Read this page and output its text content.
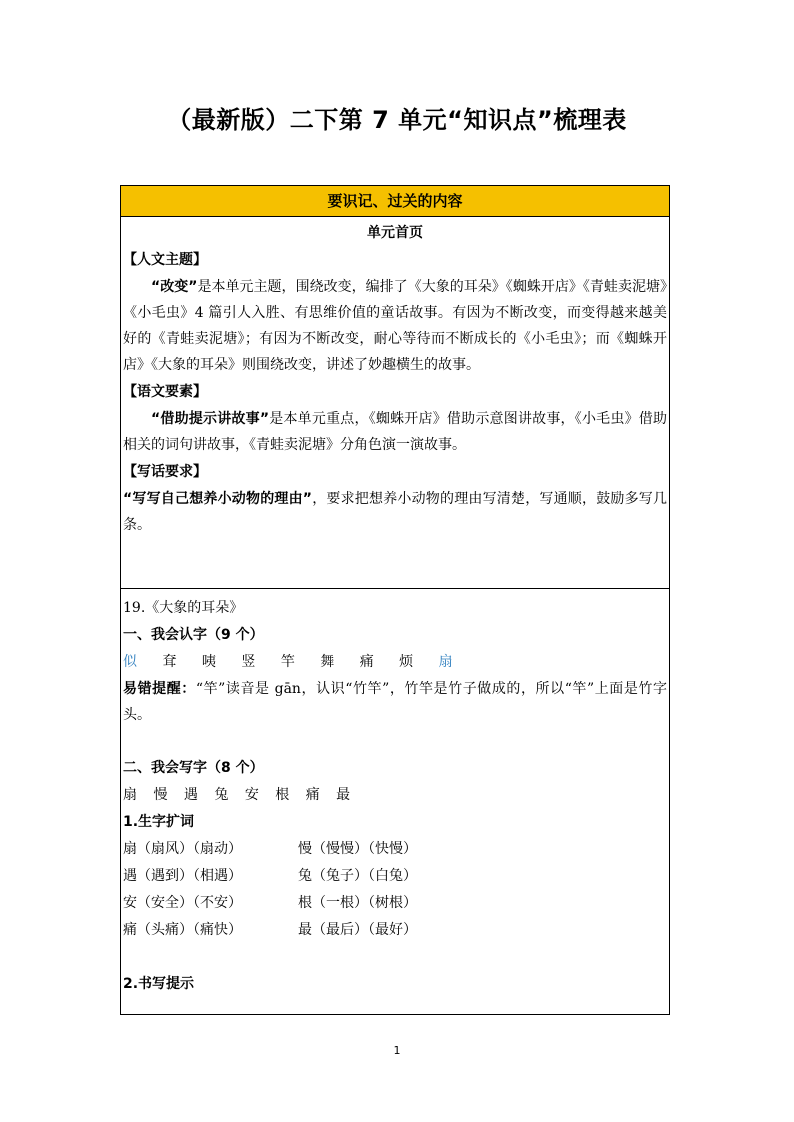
（最新版）二下第 7 单元“知识点”梳理表
要识记、过关的内容
单元首页
【人文主题】
“改变”是本单元主题，围绕改变，编排了《大象的耳朵》《蜘蛛开店》《青蛙卖泥塘》《小毛虫》4 篇引人入胜、有思维价值的童话故事。有因为不断改变，而变得越来越美好的《青蛙卖泥塘》；有因为不断改变，耐心等待而不断成长的《小毛虫》；而《蜘蛛开店》《大象的耳朵》则围绕改变，讲述了妙趣横生的故事。
【语文要素】
“借助提示讲故事”是本单元重点，《蜘蛛开店》借助示意图讲故事，《小毛虫》借助相关的词句讲故事，《青蛙卖泥塘》分角色演一演故事。
【写话要求】
“写写自己想养小动物的理由”，要求把想养小动物的理由写清楚，写通顺，鼓励多写几条。
19.《大象的耳朵》
一、我会认字（9 个）
似 耷 咦 竖 竿 舞 痛 烦 扇
易错提醒：“竿”读音是 gān，认识“竹竿”，竹竿是竹子做成的，所以“竿”上面是竹字头。
二、我会写字（8 个）
扇 慢 遇 兔 安 根 痛 最
1.生字扩词
扇（扇风）（扇动）	慢（慢慢）（快慢）
遇（遇到）（相遇）	兔（兔子）（白兔）
安（安全）（不安）	根（一根）（树根）
痛（头痛）（痛快）	最（最后）（最好）
2.书写提示
1
